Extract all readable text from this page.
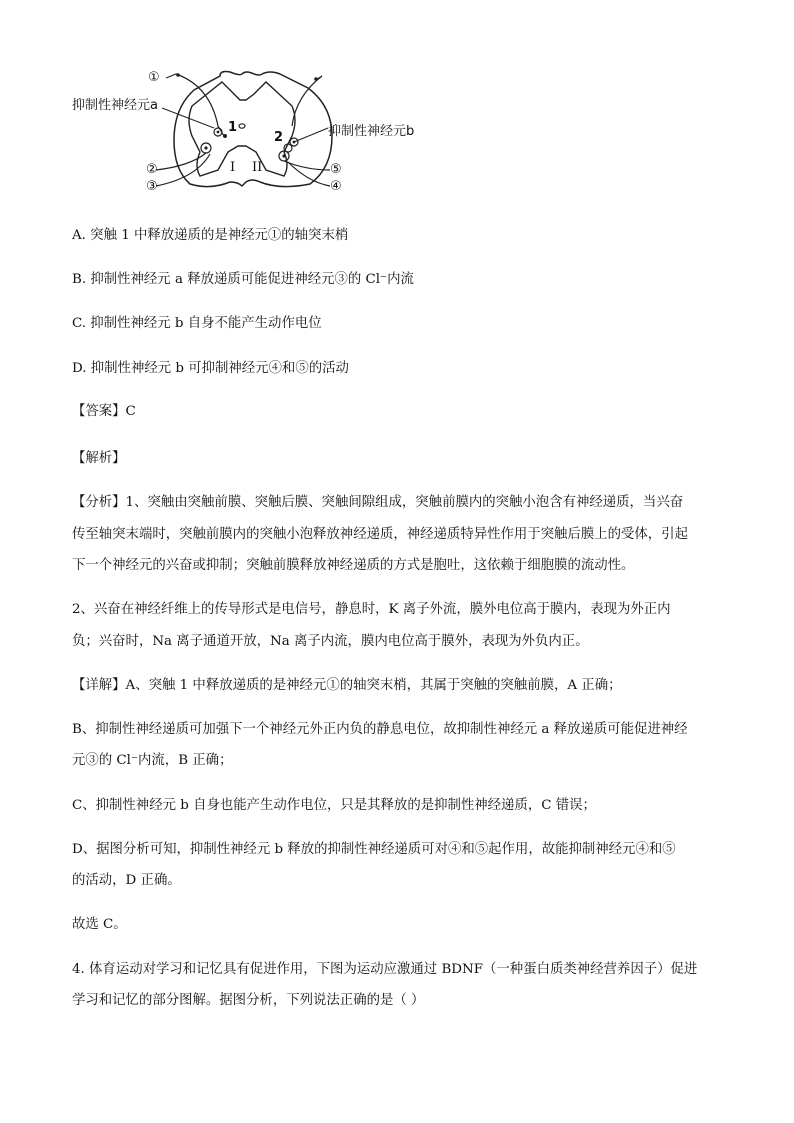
①
抑制性神经元a
抑制性神经元b
②
③	④
⑤
1
2
I II
A. 突触 1 中释放递质的是神经元①的轴突末梢
B. 抑制性神经元 a 释放递质可能促进神经元③的 Cl⁻内流
C. 抑制性神经元 b 自身不能产生动作电位
D. 抑制性神经元 b 可抑制神经元④和⑤的活动
【答案】C
【解析】
【分析】1、突触由突触前膜、突触后膜、突触间隙组成，突触前膜内的突触小泡含有神经递质，当兴奋
传至轴突末端时，突触前膜内的突触小泡释放神经递质，神经递质特异性作用于突触后膜上的受体，引起
下一个神经元的兴奋或抑制；突触前膜释放神经递质的方式是胞吐，这依赖于细胞膜的流动性。
2、兴奋在神经纤维上的传导形式是电信号，静息时，K 离子外流，膜外电位高于膜内，表现为外正内
负；兴奋时，Na 离子通道开放，Na 离子内流，膜内电位高于膜外，表现为外负内正。
【详解】A、突触 1 中释放递质的是神经元①的轴突末梢，其属于突触的突触前膜，A 正确；
B、抑制性神经递质可加强下一个神经元外正内负的静息电位，故抑制性神经元 a 释放递质可能促进神经
元③的 Cl⁻内流，B 正确；
C、抑制性神经元 b 自身也能产生动作电位，只是其释放的是抑制性神经递质，C 错误；
D、据图分析可知，抑制性神经元 b 释放的抑制性神经递质可对④和⑤起作用，故能抑制神经元④和⑤
的活动，D 正确。
故选 C。
4. 体育运动对学习和记忆具有促进作用，下图为运动应激通过 BDNF（一种蛋白质类神经营养因子）促进
学习和记忆的部分图解。据图分析，下列说法正确的是（ ）
